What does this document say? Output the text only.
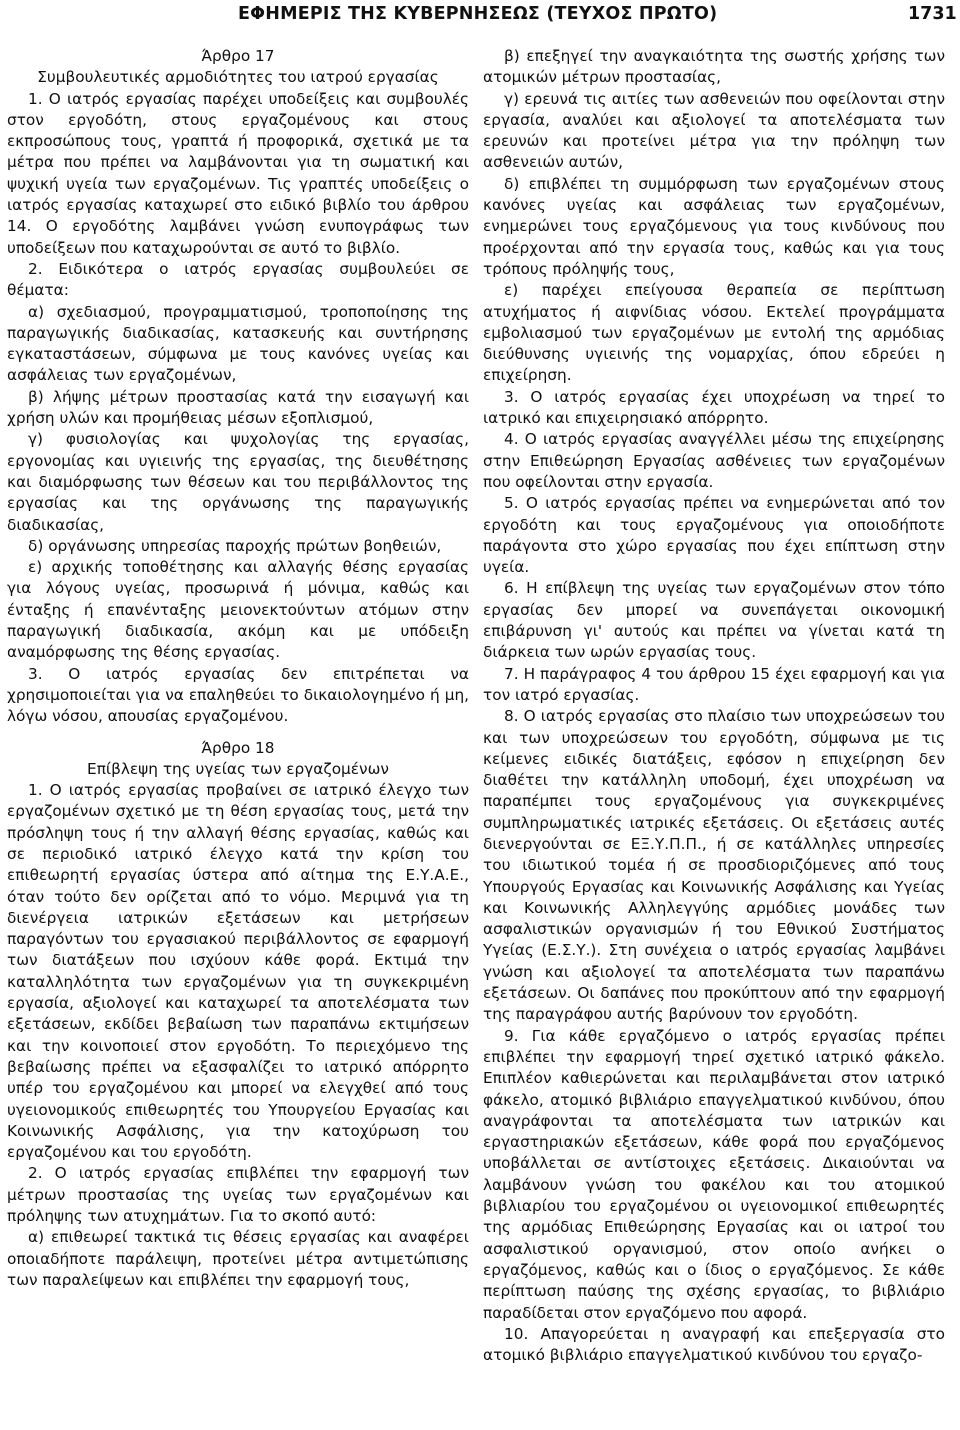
ΕΦΗΜΕΡΙΣ ΤΗΣ ΚΥΒΕΡΝΗΣΕΩΣ (ΤΕΥΧΟΣ ΠΡΩΤΟ)	1731

Άρθρο 17

Συμβουλευτικές αρμοδιότητες του ιατρού εργασίας

1. Ο ιατρός εργασίας παρέχει υποδείξεις και συμβουλές στον εργοδότη, στους εργαζομένους και στους εκπροσώπους τους, γραπτά ή προφορικά, σχετικά με τα μέτρα που πρέπει να λαμβάνονται για τη σωματική και ψυχική υγεία των εργαζομένων. Τις γραπτές υποδείξεις ο ιατρός εργασίας καταχωρεί στο ειδικό βιβλίο του άρθρου 14. Ο εργοδότης λαμβάνει γνώση ενυπογράφως των υποδείξεων που καταχωρούνται σε αυτό το βιβλίο.

2. Ειδικότερα ο ιατρός εργασίας συμβουλεύει σε θέματα:

α) σχεδιασμού, προγραμματισμού, τροποποίησης της παραγωγικής διαδικασίας, κατασκευής και συντήρησης εγκαταστάσεων, σύμφωνα με τους κανόνες υγείας και ασφάλειας των εργαζομένων,

β) λήψης μέτρων προστασίας κατά την εισαγωγή και χρήση υλών και προμήθειας μέσων εξοπλισμού,

γ) φυσιολογίας και ψυχολογίας της εργασίας, εργονομίας και υγιεινής της εργασίας, της διευθέτησης και διαμόρφωσης των θέσεων και του περιβάλλοντος της εργασίας και της οργάνωσης της παραγωγικής διαδικασίας,

δ) οργάνωσης υπηρεσίας παροχής πρώτων βοηθειών,

ε) αρχικής τοποθέτησης και αλλαγής θέσης εργασίας για λόγους υγείας, προσωρινά ή μόνιμα, καθώς και ένταξης ή επανένταξης μειονεκτούντων ατόμων στην παραγωγική διαδικασία, ακόμη και με υπόδειξη αναμόρφωσης της θέσης εργασίας.

3. Ο ιατρός εργασίας δεν επιτρέπεται να χρησιμοποιείται για να επαληθεύει το δικαιολογημένο ή μη, λόγω νόσου, απουσίας εργαζομένου.

Άρθρο 18

Επίβλεψη της υγείας των εργαζομένων

1. Ο ιατρός εργασίας προβαίνει σε ιατρικό έλεγχο των εργαζομένων σχετικό με τη θέση εργασίας τους, μετά την πρόσληψη τους ή την αλλαγή θέσης εργασίας, καθώς και σε περιοδικό ιατρικό έλεγχο κατά την κρίση του επιθεωρητή εργασίας ύστερα από αίτημα της Ε.Υ.Α.Ε., όταν τούτο δεν ορίζεται από το νόμο. Μεριμνά για τη διενέργεια ιατρικών εξετάσεων και μετρήσεων παραγόντων του εργασιακού περιβάλλοντος σε εφαρμογή των διατάξεων που ισχύουν κάθε φορά. Εκτιμά την καταλληλότητα των εργαζομένων για τη συγκεκριμένη εργασία, αξιολογεί και καταχωρεί τα αποτελέσματα των εξετάσεων, εκδίδει βεβαίωση των παραπάνω εκτιμήσεων και την κοινοποιεί στον εργοδότη. Το περιεχόμενο της βεβαίωσης πρέπει να εξασφαλίζει το ιατρικό απόρρητο υπέρ του εργαζομένου και μπορεί να ελεγχθεί από τους υγειονομικούς επιθεωρητές του Υπουργείου Εργασίας και Κοινωνικής Ασφάλισης, για την κατοχύρωση του εργαζομένου και του εργοδότη.

2. Ο ιατρός εργασίας επιβλέπει την εφαρμογή των μέτρων προστασίας της υγείας των εργαζομένων και πρόληψης των ατυχημάτων. Για το σκοπό αυτό:

α) επιθεωρεί τακτικά τις θέσεις εργασίας και αναφέρει οποιαδήποτε παράλειψη, προτείνει μέτρα αντιμετώπισης των παραλείψεων και επιβλέπει την εφαρμογή τους,

β) επεξηγεί την αναγκαιότητα της σωστής χρήσης των ατομικών μέτρων προστασίας,

γ) ερευνά τις αιτίες των ασθενειών που οφείλονται στην εργασία, αναλύει και αξιολογεί τα αποτελέσματα των ερευνών και προτείνει μέτρα για την πρόληψη των ασθενειών αυτών,

δ) επιβλέπει τη συμμόρφωση των εργαζομένων στους κανόνες υγείας και ασφάλειας των εργαζομένων, ενημερώνει τους εργαζόμενους για τους κινδύνους που προέρχονται από την εργασία τους, καθώς και για τους τρόπους πρόληψής τους,

ε) παρέχει επείγουσα θεραπεία σε περίπτωση ατυχήματος ή αιφνίδιας νόσου. Εκτελεί προγράμματα εμβολιασμού των εργαζομένων με εντολή της αρμόδιας διεύθυνσης υγιεινής της νομαρχίας, όπου εδρεύει η επιχείρηση.

3. Ο ιατρός εργασίας έχει υποχρέωση να τηρεί το ιατρικό και επιχειρησιακό απόρρητο.

4. Ο ιατρός εργασίας αναγγέλλει μέσω της επιχείρησης στην Επιθεώρηση Εργασίας ασθένειες των εργαζομένων που οφείλονται στην εργασία.

5. Ο ιατρός εργασίας πρέπει να ενημερώνεται από τον εργοδότη και τους εργαζομένους για οποιοδήποτε παράγοντα στο χώρο εργασίας που έχει επίπτωση στην υγεία.

6. Η επίβλεψη της υγείας των εργαζομένων στον τόπο εργασίας δεν μπορεί να συνεπάγεται οικονομική επιβάρυνση γι' αυτούς και πρέπει να γίνεται κατά τη διάρκεια των ωρών εργασίας τους.

7. Η παράγραφος 4 του άρθρου 15 έχει εφαρμογή και για τον ιατρό εργασίας.

8. Ο ιατρός εργασίας στο πλαίσιο των υποχρεώσεων του και των υποχρεώσεων του εργοδότη, σύμφωνα με τις κείμενες ειδικές διατάξεις, εφόσον η επιχείρηση δεν διαθέτει την κατάλληλη υποδομή, έχει υποχρέωση να παραπέμπει τους εργαζομένους για συγκεκριμένες συμπληρωματικές ιατρικές εξετάσεις. Οι εξετάσεις αυτές διενεργούνται σε ΕΞ.Υ.Π.Π., ή σε κατάλληλες υπηρεσίες του ιδιωτικού τομέα ή σε προσδιοριζόμενες από τους Υπουργούς Εργασίας και Κοινωνικής Ασφάλισης και Υγείας και Κοινωνικής Αλληλεγγύης αρμόδιες μονάδες των ασφαλιστικών οργανισμών ή του Εθνικού Συστήματος Υγείας (Ε.Σ.Υ.). Στη συνέχεια ο ιατρός εργασίας λαμβάνει γνώση και αξιολογεί τα αποτελέσματα των παραπάνω εξετάσεων. Οι δαπάνες που προκύπτουν από την εφαρμογή της παραγράφου αυτής βαρύνουν τον εργοδότη.

9. Για κάθε εργαζόμενο ο ιατρός εργασίας πρέπει επιβλέπει την εφαρμογή τηρεί σχετικό ιατρικό φάκελο. Επιπλέον καθιερώνεται και περιλαμβάνεται στον ιατρικό φάκελο, ατομικό βιβλιάριο επαγγελματικού κινδύνου, όπου αναγράφονται τα αποτελέσματα των ιατρικών και εργαστηριακών εξετάσεων, κάθε φορά που εργαζόμενος υποβάλλεται σε αντίστοιχες εξετάσεις. Δικαιούνται να λαμβάνουν γνώση του φακέλου και του ατομικού βιβλιαρίου του εργαζομένου οι υγειονομικοί επιθεωρητές της αρμόδιας Επιθεώρησης Εργασίας και οι ιατροί του ασφαλιστικού οργανισμού, στον οποίο ανήκει ο εργαζόμενος, καθώς και ο ίδιος ο εργαζόμενος. Σε κάθε περίπτωση παύσης της σχέσης εργασίας, το βιβλιάριο παραδίδεται στον εργαζόμενο που αφορά.

10. Απαγορεύεται η αναγραφή και επεξεργασία στο ατομικό βιβλιάριο επαγγελματικού κινδύνου του εργαζο-
